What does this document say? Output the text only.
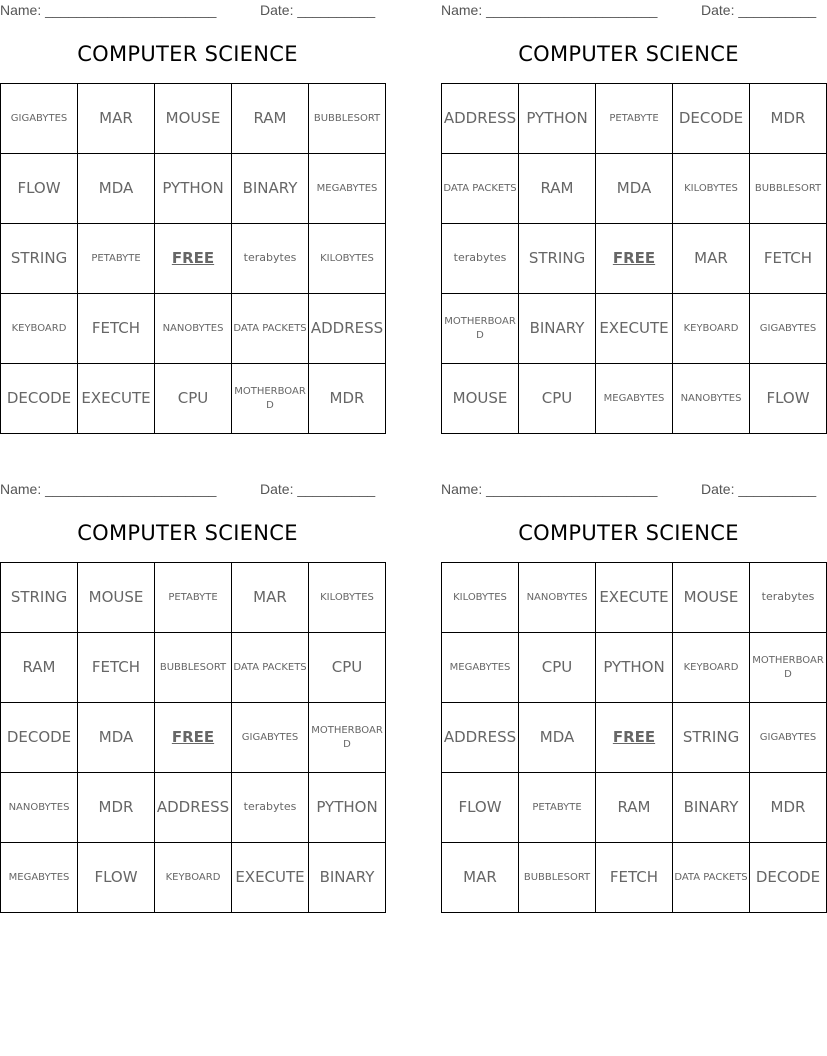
Name: ______________________	Date: __________
COMPUTER SCIENCE
GIGABYTES	MAR	MOUSE	RAM	BUBBLESORT
FLOW	MDA	PYTHON	BINARY	MEGABYTES
STRING	PETABYTE	FREE	terabytes	KILOBYTES
KEYBOARD	FETCH	NANOBYTES	DATA PACKETS	ADDRESS
DECODE	EXECUTE	CPU	MOTHERBOARD	MDR
Name: ______________________	Date: __________
COMPUTER SCIENCE
ADDRESS	PYTHON	PETABYTE	DECODE	MDR
DATA PACKETS	RAM	MDA	KILOBYTES	BUBBLESORT
terabytes	STRING	FREE	MAR	FETCH
MOTHERBOARD	BINARY	EXECUTE	KEYBOARD	GIGABYTES
MOUSE	CPU	MEGABYTES	NANOBYTES	FLOW
Name: ______________________	Date: __________
COMPUTER SCIENCE
STRING	MOUSE	PETABYTE	MAR	KILOBYTES
RAM	FETCH	BUBBLESORT	DATA PACKETS	CPU
DECODE	MDA	FREE	GIGABYTES	MOTHERBOARD
NANOBYTES	MDR	ADDRESS	terabytes	PYTHON
MEGABYTES	FLOW	KEYBOARD	EXECUTE	BINARY
Name: ______________________	Date: __________
COMPUTER SCIENCE
KILOBYTES	NANOBYTES	EXECUTE	MOUSE	terabytes
MEGABYTES	CPU	PYTHON	KEYBOARD	MOTHERBOARD
ADDRESS	MDA	FREE	STRING	GIGABYTES
FLOW	PETABYTE	RAM	BINARY	MDR
MAR	BUBBLESORT	FETCH	DATA PACKETS	DECODE
